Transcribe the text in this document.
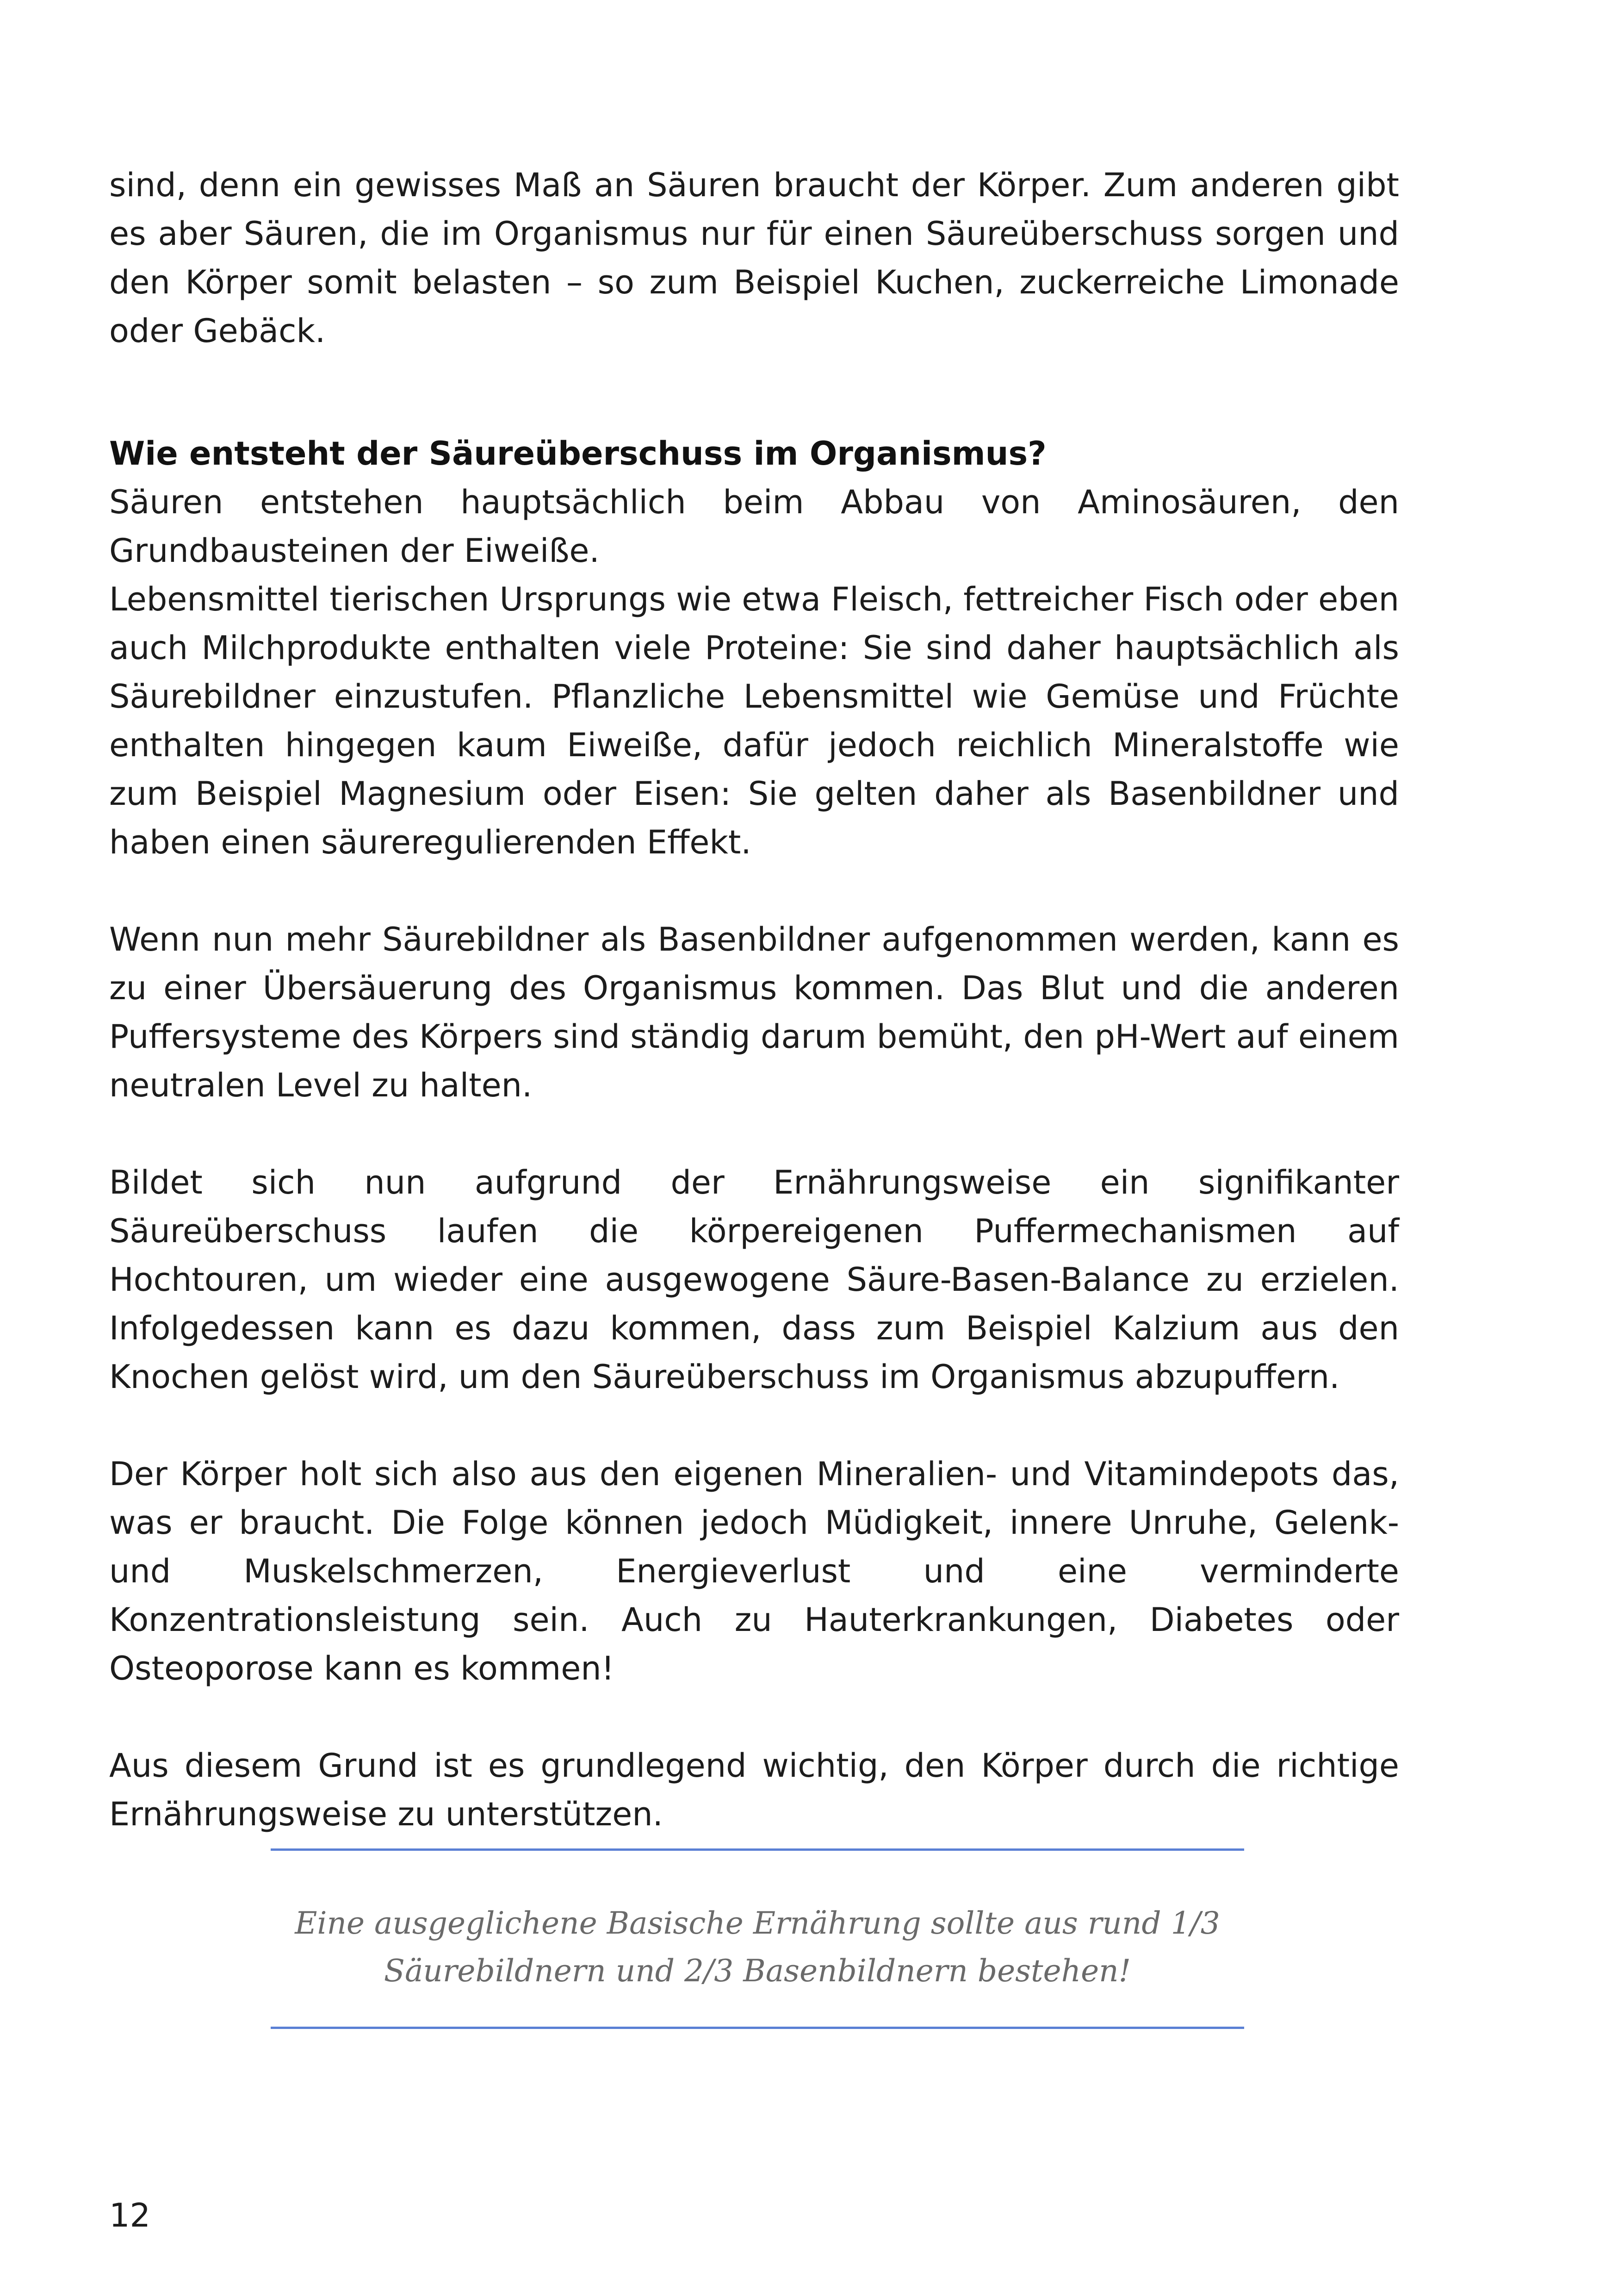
sind, denn ein gewisses Maß an Säuren braucht der Körper. Zum anderen gibt es aber Säuren, die im Organismus nur für einen Säureüberschuss sorgen und den Körper somit belasten – so zum Beispiel Kuchen, zuckerreiche Limonade oder Gebäck.

Wie entsteht der Säureüberschuss im Organismus?

Säuren entstehen hauptsächlich beim Abbau von Aminosäuren, den Grundbausteinen der Eiweiße.

Lebensmittel tierischen Ursprungs wie etwa Fleisch, fettreicher Fisch oder eben auch Milchprodukte enthalten viele Proteine: Sie sind daher hauptsächlich als Säurebildner einzustufen. Pflanzliche Lebensmittel wie Gemüse und Früchte enthalten hingegen kaum Eiweiße, dafür jedoch reichlich Mineralstoffe wie zum Beispiel Magnesium oder Eisen: Sie gelten daher als Basenbildner und haben einen säureregulierenden Effekt.

Wenn nun mehr Säurebildner als Basenbildner aufgenommen werden, kann es zu einer Übersäuerung des Organismus kommen. Das Blut und die anderen Puffersysteme des Körpers sind ständig darum bemüht, den pH-Wert auf einem neutralen Level zu halten.

Bildet sich nun aufgrund der Ernährungsweise ein signifikanter Säureüberschuss laufen die körpereigenen Puffermechanismen auf Hochtouren, um wieder eine ausgewogene Säure-Basen-Balance zu erzielen. Infolgedessen kann es dazu kommen, dass zum Beispiel Kalzium aus den Knochen gelöst wird, um den Säureüberschuss im Organismus abzupuffern.

Der Körper holt sich also aus den eigenen Mineralien- und Vitamindepots das, was er braucht. Die Folge können jedoch Müdigkeit, innere Unruhe, Gelenk- und Muskelschmerzen, Energieverlust und eine verminderte Konzentrationsleistung sein. Auch zu Hauterkrankungen, Diabetes oder Osteoporose kann es kommen!

Aus diesem Grund ist es grundlegend wichtig, den Körper durch die richtige Ernährungsweise zu unterstützen.

Eine ausgeglichene Basische Ernährung sollte aus rund 1/3
Säurebildnern und 2/3 Basenbildnern bestehen!

12
